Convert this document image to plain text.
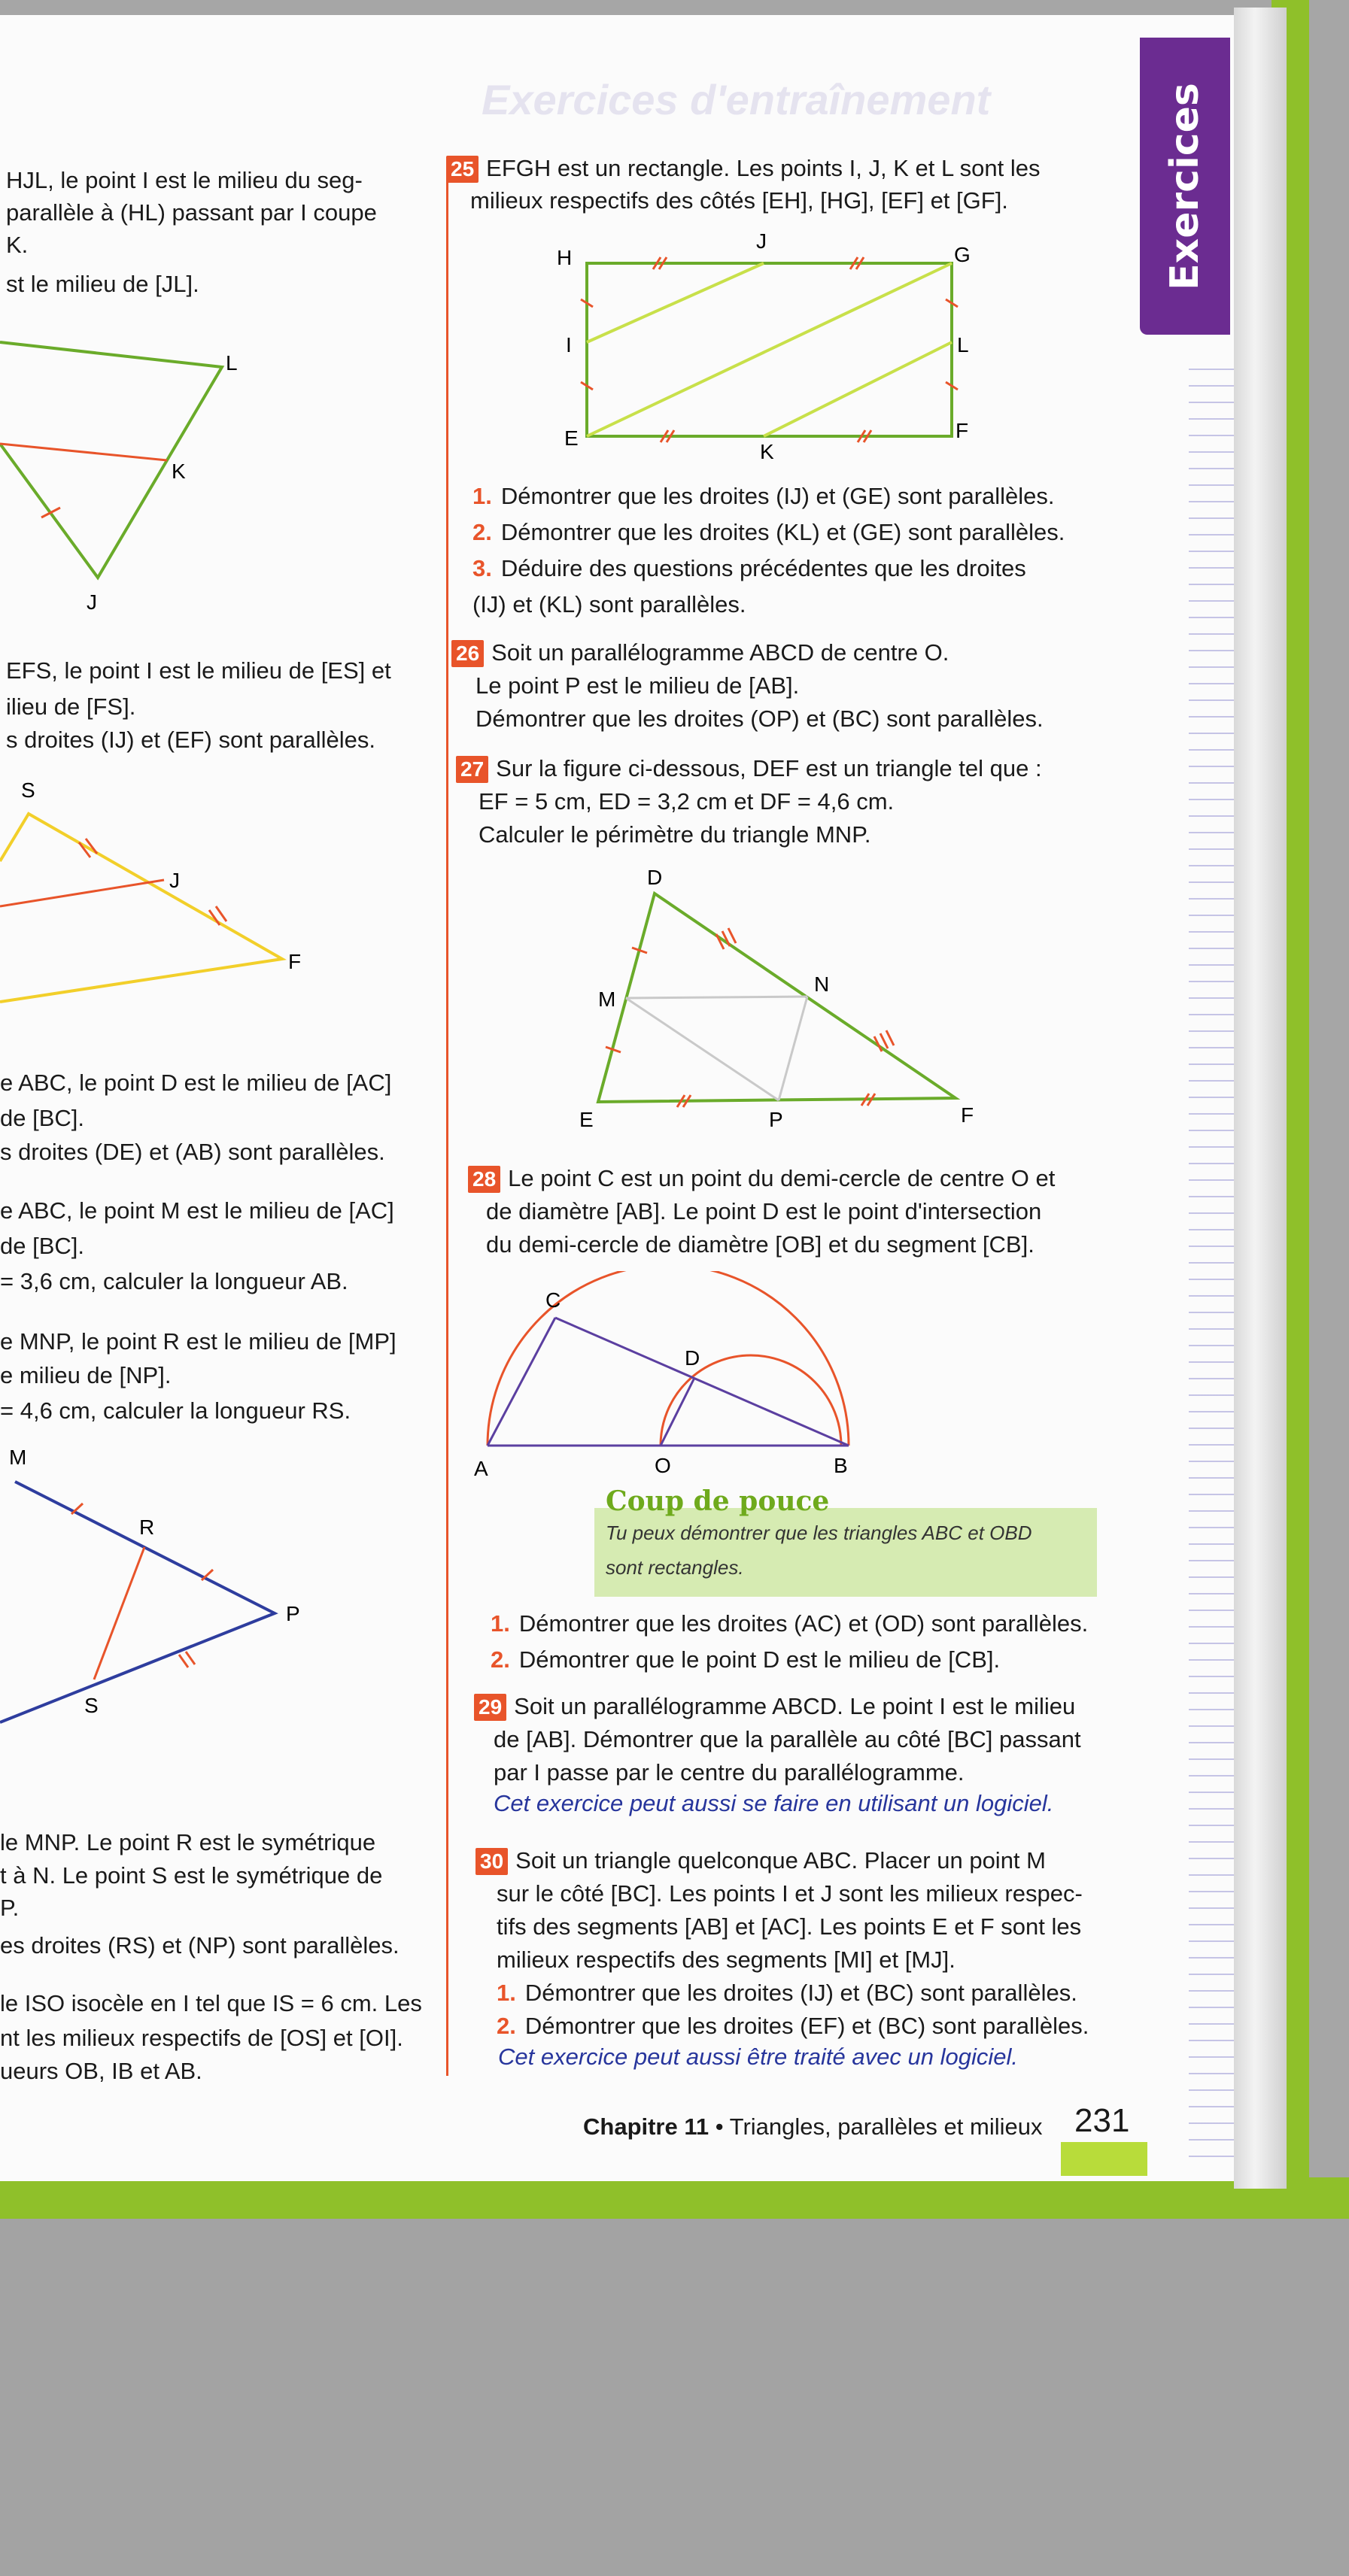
Exercices d'entraînement	Exercices
HJL, le point I est le milieu du seg-
parallèle à (HL) passant par I coupe
K.
st le milieu de [JL].
L
K
J
EFS, le point I est le milieu de [ES] et
ilieu de [FS].
s droites (IJ) et (EF) sont parallèles.
S
J
F
e ABC, le point D est le milieu de [AC]
de [BC].
s droites (DE) et (AB) sont parallèles.
e ABC, le point M est le milieu de [AC]
de [BC].
= 3,6 cm, calculer la longueur AB.
e MNP, le point R est le milieu de [MP]
e milieu de [NP].
= 4,6 cm, calculer la longueur RS.
M
R
P
S
le MNP. Le point R est le symétrique
t à N. Le point S est le symétrique de
P.
es droites (RS) et (NP) sont parallèles.
le ISO isocèle en I tel que IS = 6 cm. Les
nt les milieux respectifs de [OS] et [OI].
ueurs OB, IB et AB.
25 EFGH est un rectangle. Les points I, J, K et L sont les
milieux respectifs des côtés [EH], [HG], [EF] et [GF].
H
J
G
I	L
E
K
F
1. Démontrer que les droites (IJ) et (GE) sont parallèles.
2. Démontrer que les droites (KL) et (GE) sont parallèles.
3. Déduire des questions précédentes que les droites
(IJ) et (KL) sont parallèles.
26 Soit un parallélogramme ABCD de centre O.
Le point P est le milieu de [AB].
Démontrer que les droites (OP) et (BC) sont parallèles.
27 Sur la figure ci-dessous, DEF est un triangle tel que :
EF = 5 cm, ED = 3,2 cm et DF = 4,6 cm.
Calculer le périmètre du triangle MNP.
D
M
N
E	P	F
28 Le point C est un point du demi-cercle de centre O et
de diamètre [AB]. Le point D est le point d'intersection
du demi-cercle de diamètre [OB] et du segment [CB].
C
D
A	O	B
Coup de pouce
Tu peux démontrer que les triangles ABC et OBD
sont rectangles.
1. Démontrer que les droites (AC) et (OD) sont parallèles.
2. Démontrer que le point D est le milieu de [CB].
29 Soit un parallélogramme ABCD. Le point I est le milieu
de [AB]. Démontrer que la parallèle au côté [BC] passant
par I passe par le centre du parallélogramme.
Cet exercice peut aussi se faire en utilisant un logiciel.
30 Soit un triangle quelconque ABC. Placer un point M
sur le côté [BC]. Les points I et J sont les milieux respec-
tifs des segments [AB] et [AC]. Les points E et F sont les
milieux respectifs des segments [MI] et [MJ].
1. Démontrer que les droites (IJ) et (BC) sont parallèles.
2. Démontrer que les droites (EF) et (BC) sont parallèles.
Cet exercice peut aussi être traité avec un logiciel.
Chapitre 11 • Triangles, parallèles et milieux 231
